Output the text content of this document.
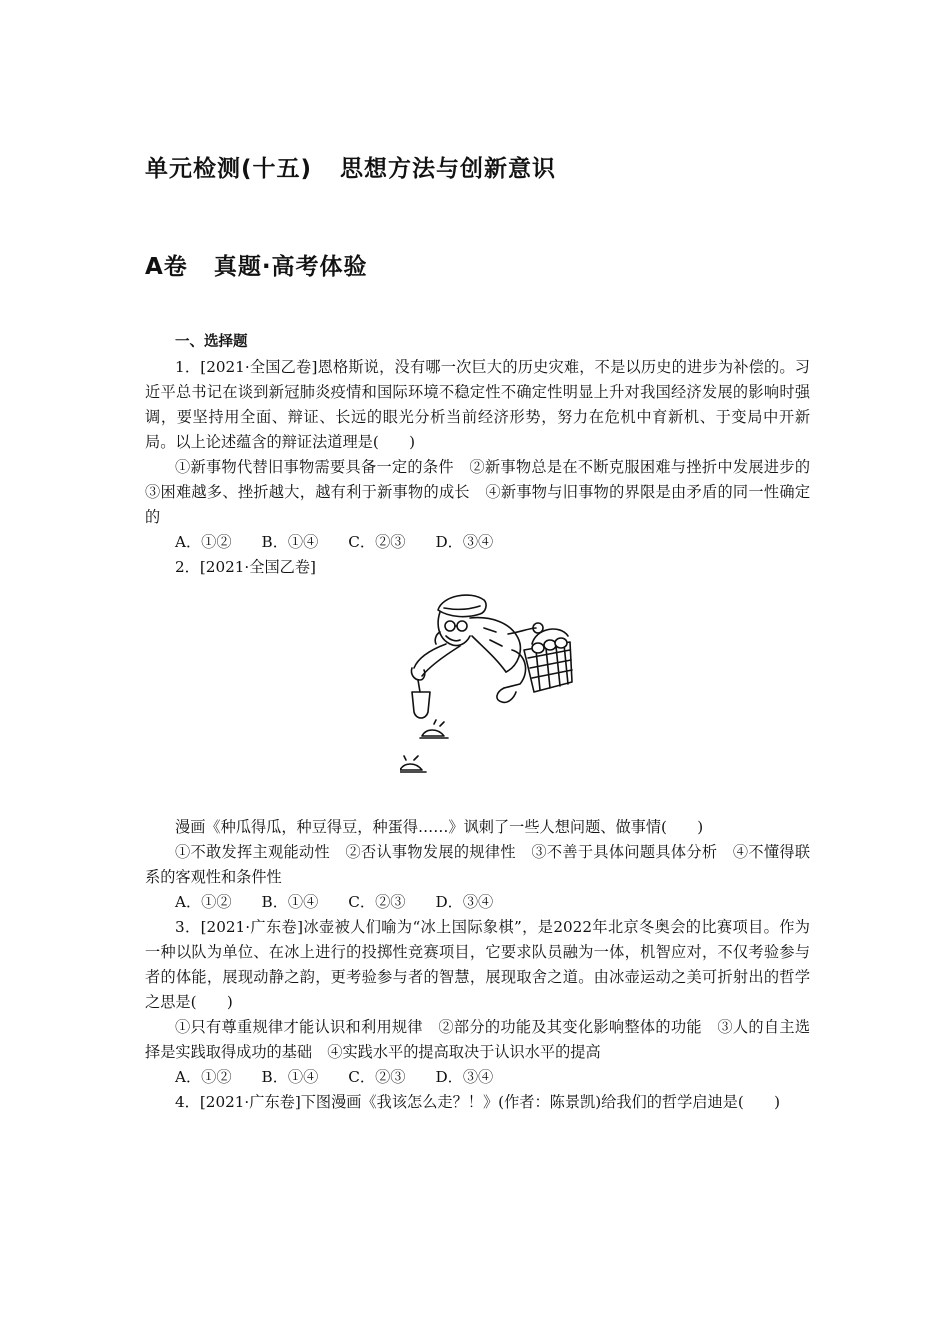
单元检测(十五) 思想方法与创新意识
A卷 真题·高考体验
一、选择题

1．[2021·全国乙卷]恩格斯说，没有哪一次巨大的历史灾难，不是以历史的进步为补偿的。习近平总书记在谈到新冠肺炎疫情和国际环境不稳定性不确定性明显上升对我国经济发展的影响时强调，要坚持用全面、辩证、长远的眼光分析当前经济形势，努力在危机中育新机、于变局中开新局。以上论述蕴含的辩证法道理是(　　)

①新事物代替旧事物需要具备一定的条件　②新事物总是在不断克服困难与挫折中发展进步的　③困难越多、挫折越大，越有利于新事物的成长　④新事物与旧事物的界限是由矛盾的同一性确定的

A．①② B．①④ C．②③ D．③④

2．[2021·全国乙卷]

漫画《种瓜得瓜，种豆得豆，种蛋得……》讽刺了一些人想问题、做事情(　　)

①不敢发挥主观能动性　②否认事物发展的规律性　③不善于具体问题具体分析　④不懂得联系的客观性和条件性

A．①② B．①④ C．②③ D．③④

3．[2021·广东卷]冰壶被人们喻为“冰上国际象棋”，是2022年北京冬奥会的比赛项目。作为一种以队为单位、在冰上进行的投掷性竞赛项目，它要求队员融为一体，机智应对，不仅考验参与者的体能，展现动静之韵，更考验参与者的智慧，展现取舍之道。由冰壶运动之美可折射出的哲学之思是(　　)

①只有尊重规律才能认识和利用规律　②部分的功能及其变化影响整体的功能　③人的自主选择是实践取得成功的基础　④实践水平的提高取决于认识水平的提高

A．①② B．①④ C．②③ D．③④

4．[2021·广东卷]下图漫画《我该怎么走？！》(作者：陈景凯)给我们的哲学启迪是(　　)
